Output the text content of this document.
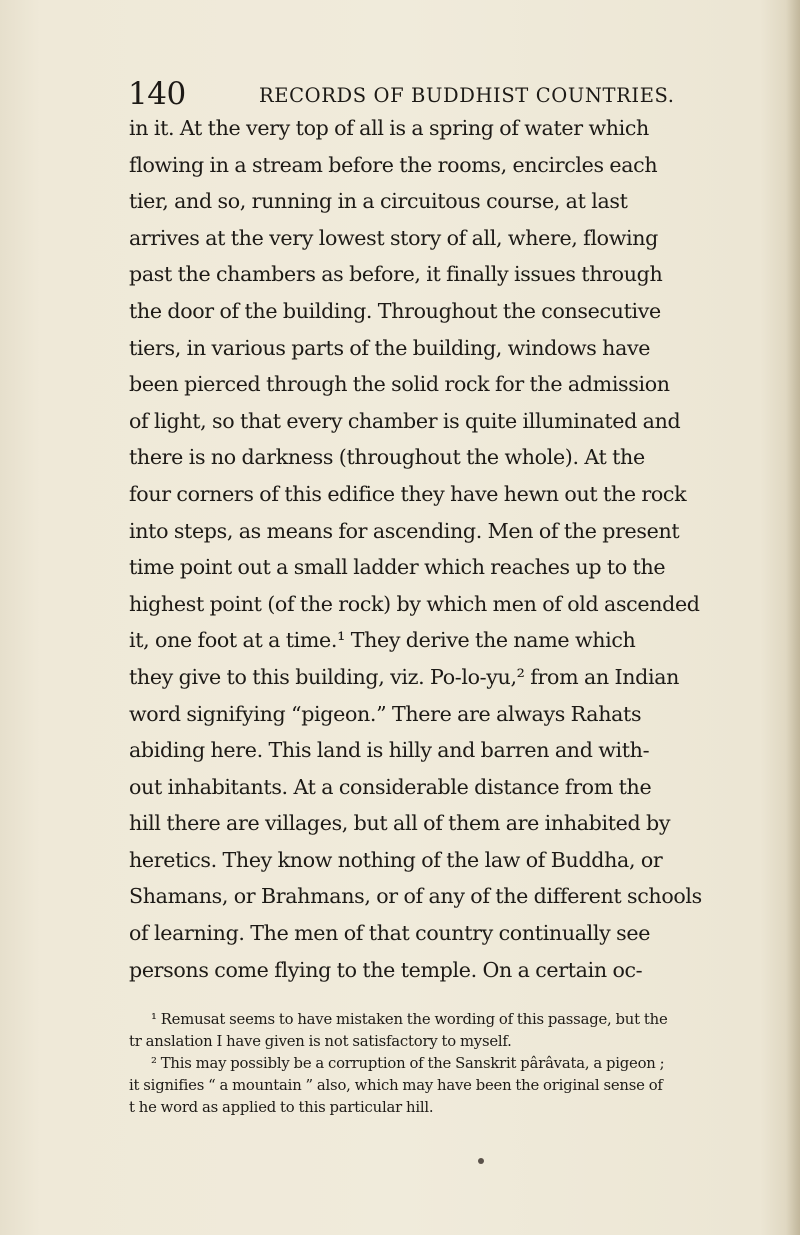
140	RECORDS OF BUDDHIST COUNTRIES.
in it. At the very top of all is a spring of water which
flowing in a stream before the rooms, encircles each
tier, and so, running in a circuitous course, at last
arrives at the very lowest story of all, where, flowing
past the chambers as before, it finally issues through
the door of the building. Throughout the consecutive
tiers, in various parts of the building, windows have
been pierced through the solid rock for the admission
of light, so that every chamber is quite illuminated and
there is no darkness (throughout the whole). At the
four corners of this edifice they have hewn out the rock
into steps, as means for ascending. Men of the present
time point out a small ladder which reaches up to the
highest point (of the rock) by which men of old ascended
it, one foot at a time.¹ They derive the name which
they give to this building, viz. Po-lo-yu,² from an Indian
word signifying “pigeon.” There are always Rahats
abiding here. This land is hilly and barren and with-
out inhabitants. At a considerable distance from the
hill there are villages, but all of them are inhabited by
heretics. They know nothing of the law of Buddha, or
Shamans, or Brahmans, or of any of the different schools
of learning. The men of that country continually see
persons come flying to the temple. On a certain oc-
¹ Remusat seems to have mistaken the wording of this passage, but the
tr anslation I have given is not satisfactory to myself.
² This may possibly be a corruption of the Sanskrit pârâvata, a pigeon ;
it signifies “ a mountain ” also, which may have been the original sense of
t he word as applied to this particular hill.
